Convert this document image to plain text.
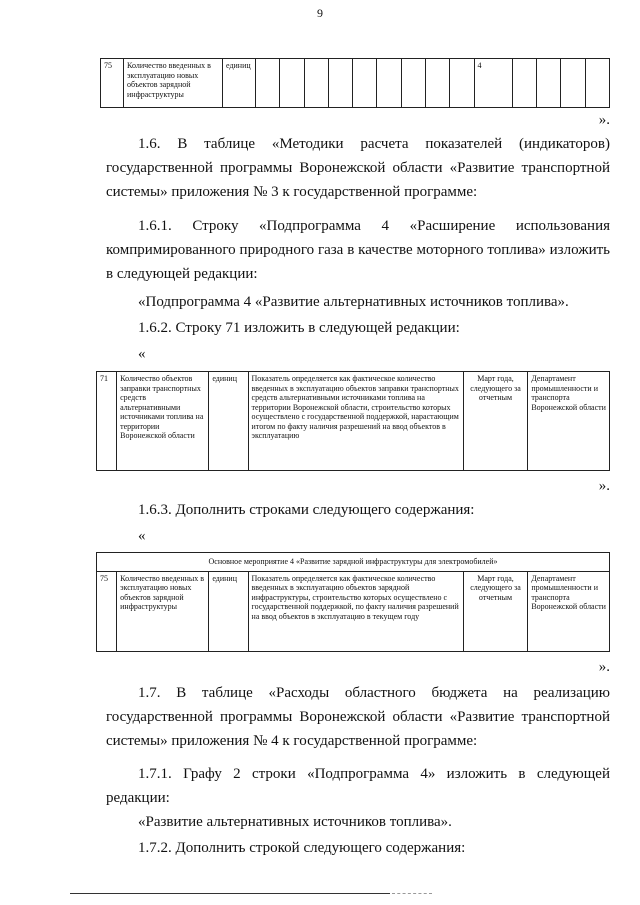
9
75	Количество введенных в эксплуатацию новых объектов зарядной инфраструктуры	единиц										4				

».

1.6. В таблице «Методики расчета показателей (индикаторов) государственной программы Воронежской области «Развитие транспортной системы» приложения № 3 к государственной программе:

1.6.1. Строку «Подпрограмма 4 «Расширение использования компримированного природного газа в качестве моторного топлива» изложить в следующей редакции:

«Подпрограмма 4 «Развитие альтернативных источников топлива».

1.6.2. Строку 71 изложить в следующей редакции:

«

71	Количество объектов заправки транспортных средств альтернативными источниками топлива на территории Воронежской области	единиц	Показатель определяется как фактическое количество введенных в эксплуатацию объектов заправки транспортных средств альтернативными источниками топлива на территории Воронежской области, строительство которых осуществлено с государственной поддержкой, нарастающим итогом по факту наличия разрешений на ввод объектов в эксплуатацию	Март года, следующего за отчетным	Департамент промышленности и транспорта Воронежской области

».

1.6.3. Дополнить строками следующего содержания:

«

Основное мероприятие 4 «Развитие зарядной инфраструктуры для электромобилей»
75	Количество введенных в эксплуатацию новых объектов зарядной инфраструктуры	единиц	Показатель определяется как фактическое количество введенных в эксплуатацию объектов зарядной инфраструктуры, строительство которых осуществлено с государственной поддержкой, по факту наличия разрешений на ввод объектов в эксплуатацию в текущем году	Март года, следующего за отчетным	Департамент промышленности и транспорта Воронежской области

».

1.7. В таблице «Расходы областного бюджета на реализацию государственной программы Воронежской области «Развитие транспортной системы» приложения № 4 к государственной программе:

1.7.1. Графу 2 строки «Подпрограмма 4» изложить в следующей редакции:

«Развитие альтернативных источников топлива».

1.7.2. Дополнить строкой следующего содержания:
